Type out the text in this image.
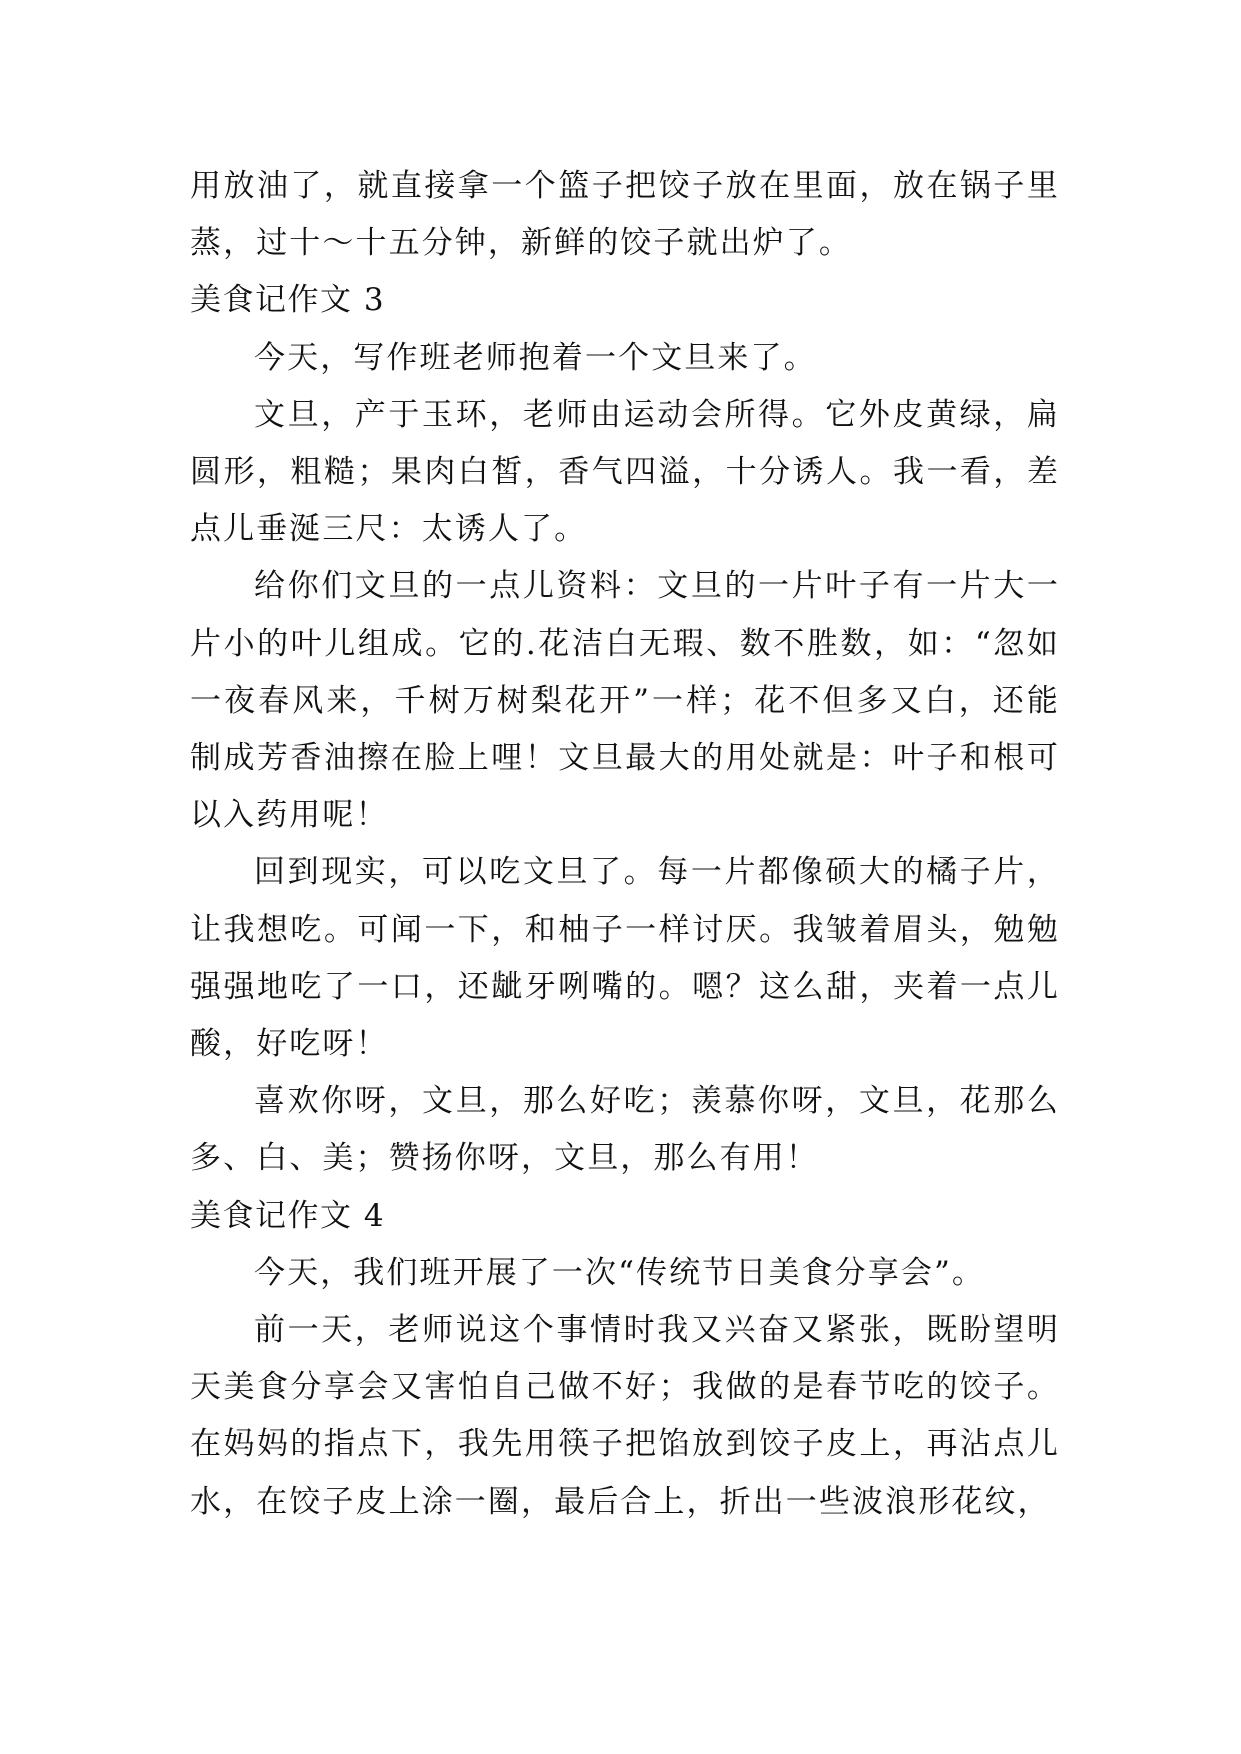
用放油了，就直接拿一个篮子把饺子放在里面，放在锅子里蒸，过十～十五分钟，新鲜的饺子就出炉了。

美食记作文 3

今天，写作班老师抱着一个文旦来了。

文旦，产于玉环，老师由运动会所得。它外皮黄绿，扁圆形，粗糙；果肉白皙，香气四溢，十分诱人。我一看，差点儿垂涎三尺：太诱人了。

给你们文旦的一点儿资料：文旦的一片叶子有一片大一片小的叶儿组成。它的.花洁白无瑕、数不胜数，如：“忽如一夜春风来，千树万树梨花开”一样；花不但多又白，还能制成芳香油擦在脸上哩！文旦最大的用处就是：叶子和根可以入药用呢！

回到现实，可以吃文旦了。每一片都像硕大的橘子片，让我想吃。可闻一下，和柚子一样讨厌。我皱着眉头，勉勉强强地吃了一口，还龇牙咧嘴的。嗯？这么甜，夹着一点儿酸，好吃呀！

喜欢你呀，文旦，那么好吃；羡慕你呀，文旦，花那么多、白、美；赞扬你呀，文旦，那么有用！

美食记作文 4

今天，我们班开展了一次“传统节日美食分享会”。

前一天，老师说这个事情时我又兴奋又紧张，既盼望明天美食分享会又害怕自己做不好；我做的是春节吃的饺子。在妈妈的指点下，我先用筷子把馅放到饺子皮上，再沾点儿水，在饺子皮上涂一圈，最后合上，折出一些波浪形花纹，
